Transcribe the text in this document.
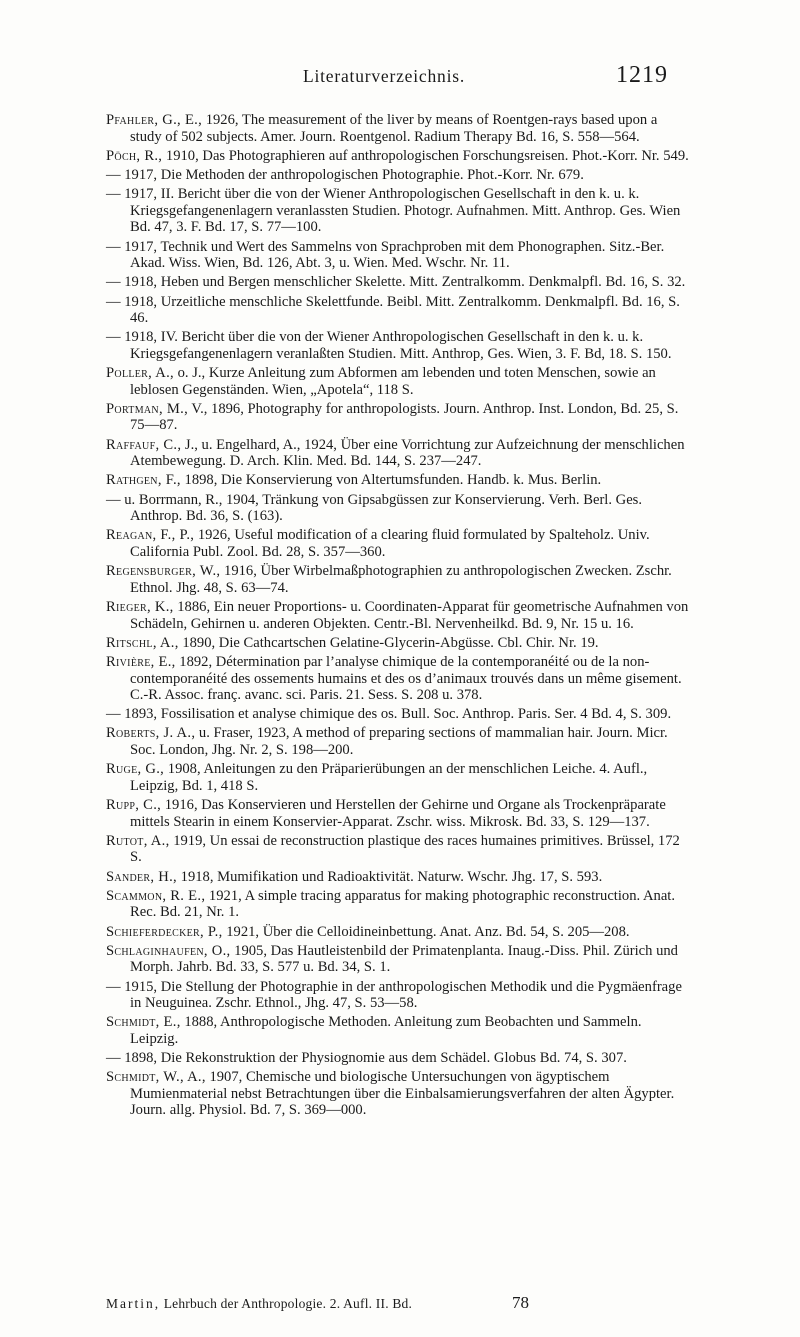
Literaturverzeichnis.	1219

Pfahler, G., E., 1926, The measurement of the liver by means of Roentgen-rays based upon a study of 502 subjects. Amer. Journ. Roentgenol. Radium Therapy Bd. 16, S. 558—564.

Pöch, R., 1910, Das Photographieren auf anthropologischen Forschungsreisen. Phot.-Korr. Nr. 549.

— 1917, Die Methoden der anthropologischen Photographie. Phot.-Korr. Nr. 679.

— 1917, II. Bericht über die von der Wiener Anthropologischen Gesellschaft in den k. u. k. Kriegsgefangenenlagern veranlassten Studien. Photogr. Aufnahmen. Mitt. Anthrop. Ges. Wien Bd. 47, 3. F. Bd. 17, S. 77—100.

— 1917, Technik und Wert des Sammelns von Sprachproben mit dem Phonographen. Sitz.-Ber. Akad. Wiss. Wien, Bd. 126, Abt. 3, u. Wien. Med. Wschr. Nr. 11.

— 1918, Heben und Bergen menschlicher Skelette. Mitt. Zentralkomm. Denkmalpfl. Bd. 16, S. 32.

— 1918, Urzeitliche menschliche Skelettfunde. Beibl. Mitt. Zentralkomm. Denkmalpfl. Bd. 16, S. 46.

— 1918, IV. Bericht über die von der Wiener Anthropologischen Gesellschaft in den k. u. k. Kriegsgefangenenlagern veranlaßten Studien. Mitt. Anthrop, Ges. Wien, 3. F. Bd, 18. S. 150.

Poller, A., o. J., Kurze Anleitung zum Abformen am lebenden und toten Menschen, sowie an leblosen Gegenständen. Wien, „Apotela“, 118 S.

Portman, M., V., 1896, Photography for anthropologists. Journ. Anthrop. Inst. London, Bd. 25, S. 75—87.

Raffauf, C., J., u. Engelhard, A., 1924, Über eine Vorrichtung zur Aufzeichnung der menschlichen Atembewegung. D. Arch. Klin. Med. Bd. 144, S. 237—247.

Rathgen, F., 1898, Die Konservierung von Altertumsfunden. Handb. k. Mus. Berlin.

— u. Borrmann, R., 1904, Tränkung von Gipsabgüssen zur Konservierung. Verh. Berl. Ges. Anthrop. Bd. 36, S. (163).

Reagan, F., P., 1926, Useful modification of a clearing fluid formulated by Spalteholz. Univ. California Publ. Zool. Bd. 28, S. 357—360.

Regensburger, W., 1916, Über Wirbelmaßphotographien zu anthropologischen Zwecken. Zschr. Ethnol. Jhg. 48, S. 63—74.

Rieger, K., 1886, Ein neuer Proportions- u. Coordinaten-Apparat für geometrische Aufnahmen von Schädeln, Gehirnen u. anderen Objekten. Centr.-Bl. Nervenheilkd. Bd. 9, Nr. 15 u. 16.

Ritschl, A., 1890, Die Cathcartschen Gelatine-Glycerin-Abgüsse. Cbl. Chir. Nr. 19.

Rivière, E., 1892, Détermination par l’analyse chimique de la contemporanéité ou de la non-contemporanéité des ossements humains et des os d’animaux trouvés dans un même gisement. C.-R. Assoc. franç. avanc. sci. Paris. 21. Sess. S. 208 u. 378.

— 1893, Fossilisation et analyse chimique des os. Bull. Soc. Anthrop. Paris. Ser. 4 Bd. 4, S. 309.

Roberts, J. A., u. Fraser, 1923, A method of preparing sections of mammalian hair. Journ. Micr. Soc. London, Jhg. Nr. 2, S. 198—200.

Ruge, G., 1908, Anleitungen zu den Präparierübungen an der menschlichen Leiche. 4. Aufl., Leipzig, Bd. 1, 418 S.

Rupp, C., 1916, Das Konservieren und Herstellen der Gehirne und Organe als Trockenpräparate mittels Stearin in einem Konservier-Apparat. Zschr. wiss. Mikrosk. Bd. 33, S. 129—137.

Rutot, A., 1919, Un essai de reconstruction plastique des races humaines primitives. Brüssel, 172 S.

Sander, H., 1918, Mumifikation und Radioaktivität. Naturw. Wschr. Jhg. 17, S. 593.

Scammon, R. E., 1921, A simple tracing apparatus for making photographic reconstruction. Anat. Rec. Bd. 21, Nr. 1.

Schieferdecker, P., 1921, Über die Celloidineinbettung. Anat. Anz. Bd. 54, S. 205—208.

Schlaginhaufen, O., 1905, Das Hautleistenbild der Primatenplanta. Inaug.-Diss. Phil. Zürich und Morph. Jahrb. Bd. 33, S. 577 u. Bd. 34, S. 1.

— 1915, Die Stellung der Photographie in der anthropologischen Methodik und die Pygmäenfrage in Neuguinea. Zschr. Ethnol., Jhg. 47, S. 53—58.

Schmidt, E., 1888, Anthropologische Methoden. Anleitung zum Beobachten und Sammeln. Leipzig.

— 1898, Die Rekonstruktion der Physiognomie aus dem Schädel. Globus Bd. 74, S. 307.

Schmidt, W., A., 1907, Chemische und biologische Untersuchungen von ägyptischem Mumienmaterial nebst Betrachtungen über die Einbalsamierungsverfahren der alten Ägypter. Journ. allg. Physiol. Bd. 7, S. 369—000.

Martin, Lehrbuch der Anthropologie. 2. Aufl. II. Bd.	78
